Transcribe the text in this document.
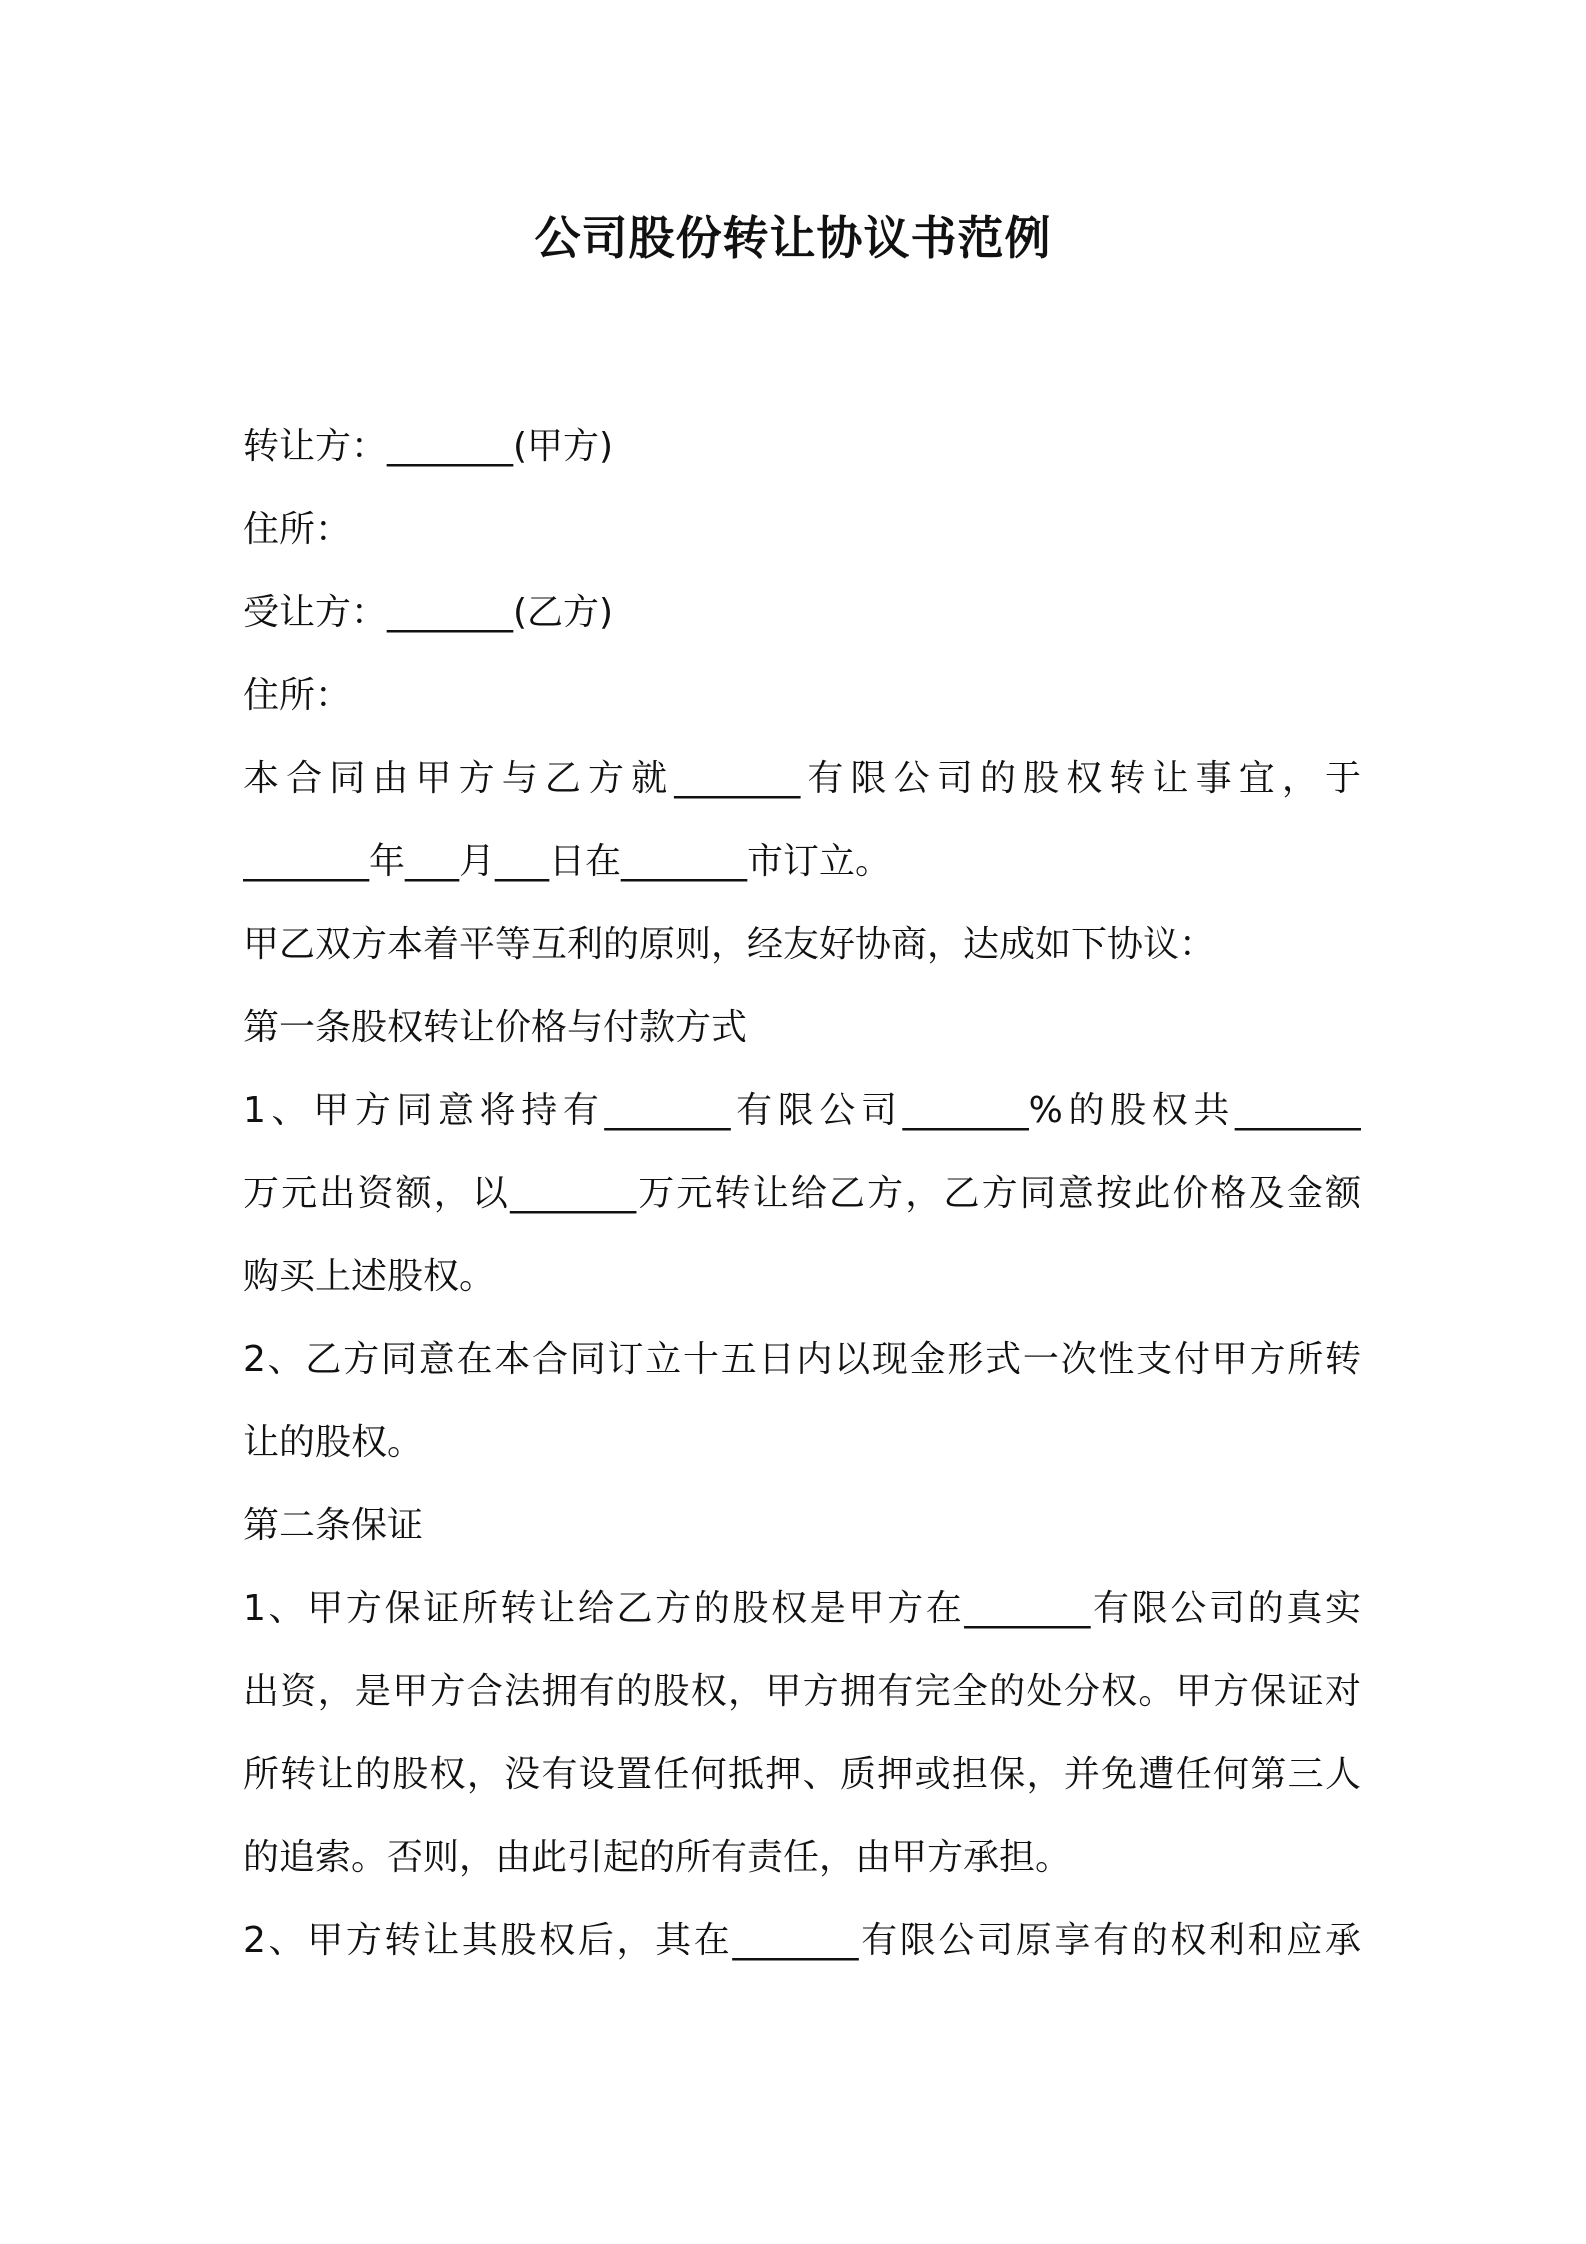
公司股份转让协议书范例
转让方：_______(甲方)
住所：
受让方：_______(乙方)
住所：
本合同由甲方与乙方就_______有限公司的股权转让事宜，于
_______年___月___日在_______市订立。
甲乙双方本着平等互利的原则，经友好协商，达成如下协议：
第一条股权转让价格与付款方式
1、甲方同意将持有_______有限公司_______%的股权共_______
万元出资额，以_______万元转让给乙方，乙方同意按此价格及金额
购买上述股权。
2、乙方同意在本合同订立十五日内以现金形式一次性支付甲方所转
让的股权。
第二条保证
1、甲方保证所转让给乙方的股权是甲方在_______有限公司的真实
出资，是甲方合法拥有的股权，甲方拥有完全的处分权。甲方保证对
所转让的股权，没有设置任何抵押、质押或担保，并免遭任何第三人
的追索。否则，由此引起的所有责任，由甲方承担。
2、甲方转让其股权后，其在_______有限公司原享有的权利和应承
